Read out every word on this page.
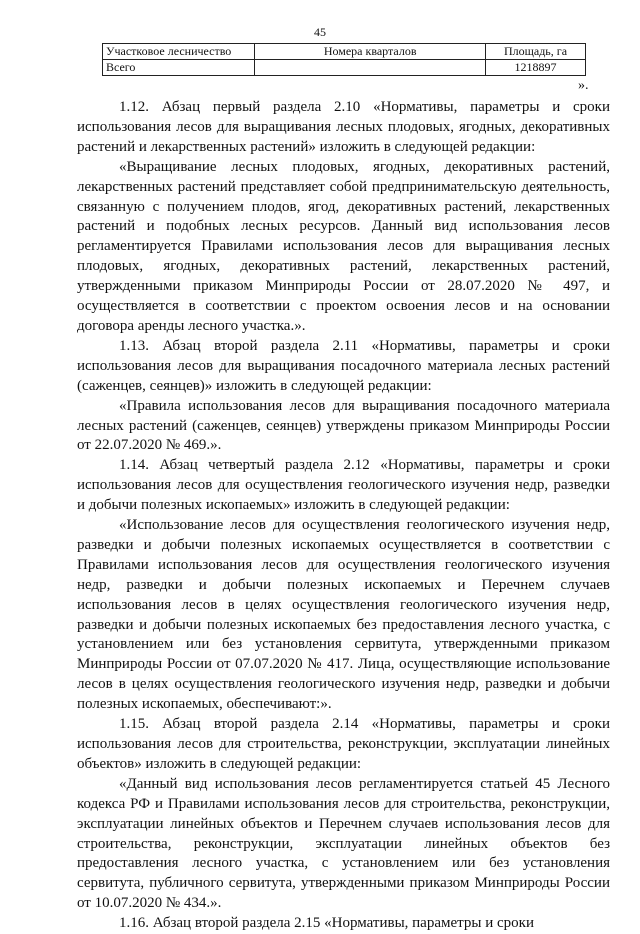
45
Участковое лесничество	Номера кварталов	Площадь, га
Всего		1218897
».

1.12. Абзац первый раздела 2.10 «Нормативы, параметры и сроки использования лесов для выращивания лесных плодовых, ягодных, декоративных растений и лекарственных растений» изложить в следующей редакции:

«Выращивание лесных плодовых, ягодных, декоративных растений, лекарственных растений представляет собой предпринимательскую деятельность, связанную с получением плодов, ягод, декоративных растений, лекарственных растений и подобных лесных ресурсов. Данный вид использования лесов регламентируется Правилами использования лесов для выращивания лесных плодовых, ягодных, декоративных растений, лекарственных растений, утвержденными приказом Минприроды России от 28.07.2020 № 497, и осуществляется в соответствии с проектом освоения лесов и на основании договора аренды лесного участка.».

1.13. Абзац второй раздела 2.11 «Нормативы, параметры и сроки использования лесов для выращивания посадочного материала лесных растений (саженцев, сеянцев)» изложить в следующей редакции:

«Правила использования лесов для выращивания посадочного материала лесных растений (саженцев, сеянцев) утверждены приказом Минприроды России от 22.07.2020 № 469.».

1.14. Абзац четвертый раздела 2.12 «Нормативы, параметры и сроки использования лесов для осуществления геологического изучения недр, разведки и добычи полезных ископаемых» изложить в следующей редакции:

«Использование лесов для осуществления геологического изучения недр, разведки и добычи полезных ископаемых осуществляется в соответствии с Правилами использования лесов для осуществления геологического изучения недр, разведки и добычи полезных ископаемых и Перечнем случаев использования лесов в целях осуществления геологического изучения недр, разведки и добычи полезных ископаемых без предоставления лесного участка, с установлением или без установления сервитута, утвержденными приказом Минприроды России от 07.07.2020 № 417. Лица, осуществляющие использование лесов в целях осуществления геологического изучения недр, разведки и добычи полезных ископаемых, обеспечивают:».

1.15. Абзац второй раздела 2.14 «Нормативы, параметры и сроки использования лесов для строительства, реконструкции, эксплуатации линейных объектов» изложить в следующей редакции:

«Данный вид использования лесов регламентируется статьей 45 Лесного кодекса РФ и Правилами использования лесов для строительства, реконструкции, эксплуатации линейных объектов и Перечнем случаев использования лесов для строительства, реконструкции, эксплуатации линейных объектов без предоставления лесного участка, с установлением или без установления сервитута, публичного сервитута, утвержденными приказом Минприроды России от 10.07.2020 № 434.».

1.16. Абзац второй раздела 2.15 «Нормативы, параметры и сроки
